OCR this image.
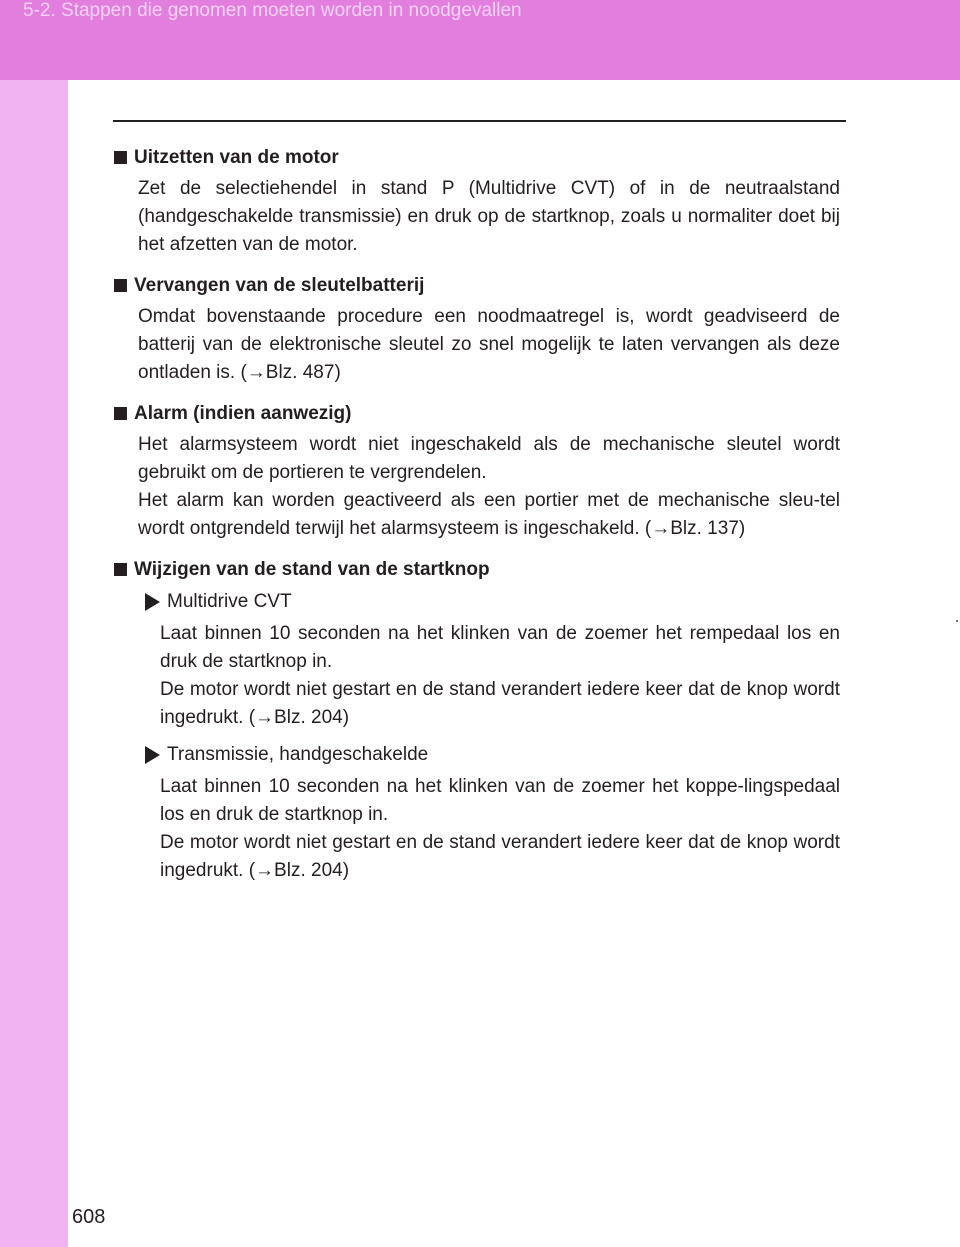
5-2. Stappen die genomen moeten worden in noodgevallen
Uitzetten van de motor

Zet de selectiehendel in stand P (Multidrive CVT) of in de neutraalstand (handgeschakelde transmissie) en druk op de startknop, zoals u normaliter doet bij het afzetten van de motor.

Vervangen van de sleutelbatterij

Omdat bovenstaande procedure een noodmaatregel is, wordt geadviseerd de batterij van de elektronische sleutel zo snel mogelijk te laten vervangen als deze ontladen is. (→Blz. 487)

Alarm (indien aanwezig)

Het alarmsysteem wordt niet ingeschakeld als de mechanische sleutel wordt gebruikt om de portieren te vergrendelen.

Het alarm kan worden geactiveerd als een portier met de mechanische sleu-tel wordt ontgrendeld terwijl het alarmsysteem is ingeschakeld. (→Blz. 137)

Wijzigen van de stand van de startknop
Multidrive CVT

Laat binnen 10 seconden na het klinken van de zoemer het rempedaal los en druk de startknop in.

De motor wordt niet gestart en de stand verandert iedere keer dat de knop wordt ingedrukt. (→Blz. 204)

Transmissie, handgeschakelde

Laat binnen 10 seconden na het klinken van de zoemer het koppe-lingspedaal los en druk de startknop in.

De motor wordt niet gestart en de stand verandert iedere keer dat de knop wordt ingedrukt. (→Blz. 204)

608
